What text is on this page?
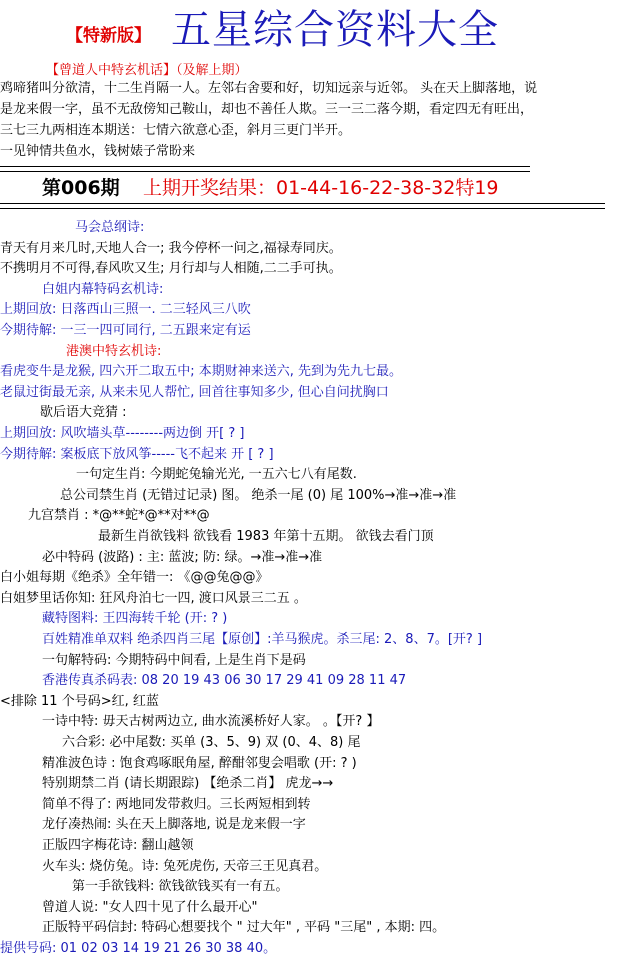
【特新版】 五星综合资料大全
【曾道人中特玄机话】（及解上期）
鸡啼猪叫分欲清，十二生肖隔一人。左邻右舍要和好，切知远亲与近邻。 头在天上脚落地，说
是龙来假一字，虽不无敌傍知己鞍山，却也不善任人欺。三一三二落今期，看定四无有旺出，
三七三九两相连本期送：七情六欲意心歪，斜月三更门半开。
一见钟情共鱼水，钱树婊子常盼来
第006期 上期开奖结果：01-44-16-22-38-32特19
马会总纲诗:
青天有月来几时,天地人合一; 我今停杯一问之,福禄寿同庆。
不携明月不可得,春风吹又生; 月行却与人相随,二二手可执。
白姐内幕特码玄机诗:
上期回放: 日落西山三照一. 二三轻风三八吹
今期待解: 一三一四可同行, 二五跟来定有运
港澳中特玄机诗:
看虎变牛是龙猴, 四六开二取五中; 本期财神来送六, 先到为先九七最。
老鼠过街最无亲, 从来未见人帮忙, 回首往事知多少, 但心自问扰胸口
歇后语大竞猜 :
上期回放: 风吹墙头草--------两边倒 开[ ? ]
今期待解: 案板底下放风筝-----飞不起来 开 [ ? ]
一句定生肖: 今期蛇兔输光光, 一五六七八有尾数.
总公司禁生肖 (无错过记录) 图。 绝杀一尾 (0) 尾 100%→准→准→准
九宫禁肖 : *@**蛇*@**对**@
最新生肖欲钱料 欲钱看 1983 年第十五期。 欲钱去看门顶
必中特码 (波路) : 主: 蓝波; 防: 绿。→准→准→准
白小姐每期《绝杀》全年错一: 《@@兔@@》
白姐梦里话你知: 狂风舟泊七一四, 渡口风景三二五 。
藏特图料: 王四海转千轮 (开: ? )
百姓精准单双料 绝杀四肖三尾【原创】:羊马猴虎。杀三尾: 2、8、7。[开? ]
一句解特码: 今期特码中间看, 上是生肖下是码
香港传真杀码表: 08 20 19 43 06 30 17 29 41 09 28 11 47
<排除 11 个号码>红, 红蓝
一诗中特: 毋天古树两边立, 曲水流溪桥好人家。 。【开? 】
六合彩: 必中尾数: 买单 (3、5、9) 双 (0、4、8) 尾
精准波色诗 : 饱食鸡啄眠角屋, 醉酣邻叟会唱歌 (开: ? )
特别期禁二肖 (请长期跟踪) 【绝杀二肖】 虎龙→→
简单不得了: 两地同发带救归。三长两短相到转
龙仔凑热闹: 头在天上脚落地, 说是龙来假一字
正版四字梅花诗: 翻山越领
火车头: 烧仿兔。诗: 兔死虎伤, 天帝三王见真君。
第一手欲钱料: 欲钱欲钱买有一有五。
曾道人说: "女人四十见了什么最开心"
正版特平码信封: 特码心想要找个 " 过大年" , 平码 "三尾" , 本期: 四。
提供号码: 01 02 03 14 19 21 26 30 38 40。
